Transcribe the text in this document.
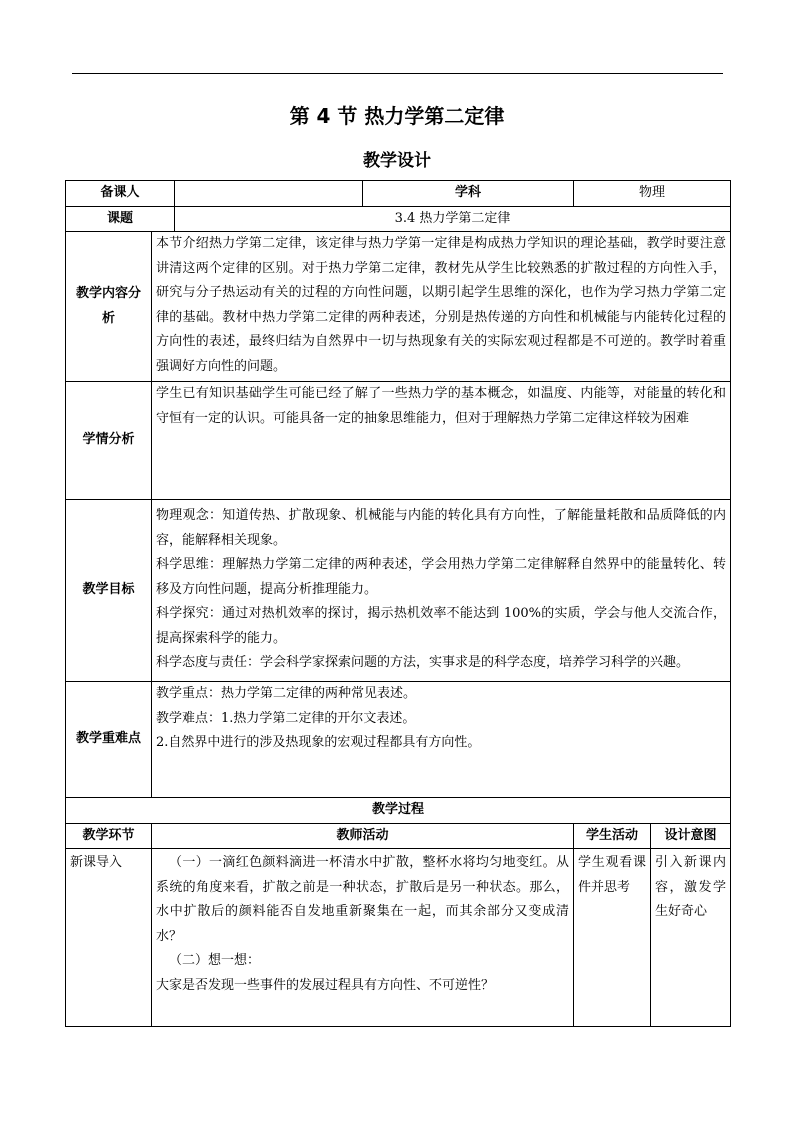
第 4 节 热力学第二定律
教学设计
备课人			学科	物理	
课题		3.4 热力学第二定律			
教学内容分析	本节介绍热力学第二定律，该定律与热力学第一定律是构成热力学知识的理论基础，教学时要注意讲清这两个定律的区别。对于热力学第二定律，教材先从学生比较熟悉的扩散过程的方向性入手，研究与分子热运动有关的过程的方向性问题，以期引起学生思维的深化，也作为学习热力学第二定律的基础。教材中热力学第二定律的两种表述，分别是热传递的方向性和机械能与内能转化过程的方向性的表述，最终归结为自然界中一切与热现象有关的实际宏观过程都是不可逆的。教学时着重强调好方向性的问题。				
学情分析	学生已有知识基础学生可能已经了解了一些热力学的基本概念，如温度、内能等，对能量的转化和守恒有一定的认识。可能具备一定的抽象思维能力，但对于理解热力学第二定律这样较为困难				
教学目标	物理观念：知道传热、扩散现象、机械能与内能的转化具有方向性，了解能量耗散和品质降低的内容，能解释相关现象。

科学思维：理解热力学第二定律的两种表述，学会用热力学第二定律解释自然界中的能量转化、转移及方向性问题，提高分析推理能力。

科学探究：通过对热机效率的探讨，揭示热机效率不能达到 100%的实质，学会与他人交流合作，提高探索科学的能力。

科学态度与责任：学会科学家探索问题的方法，实事求是的科学态度，培养学习科学的兴趣。				

教学重难点	教学重点：热力学第二定律的两种常见表述。

教学难点：1.热力学第二定律的开尔文表述。

2.自然界中进行的涉及热现象的宏观过程都具有方向性。				

教学过程					
教学环节	教师活动			学生活动	设计意图
新课导入	（一）一滴红色颜料滴进一杯清水中扩散，整杯水将均匀地变红。从系统的角度来看，扩散之前是一种状态，扩散后是另一种状态。那么，水中扩散后的颜料能否自发地重新聚集在一起，而其余部分又变成清水？

（二）想一想：

大家是否发现一些事件的发展过程具有方向性、不可逆性？			学生观看课件并思考	引入新课内容，激发学生好奇心
